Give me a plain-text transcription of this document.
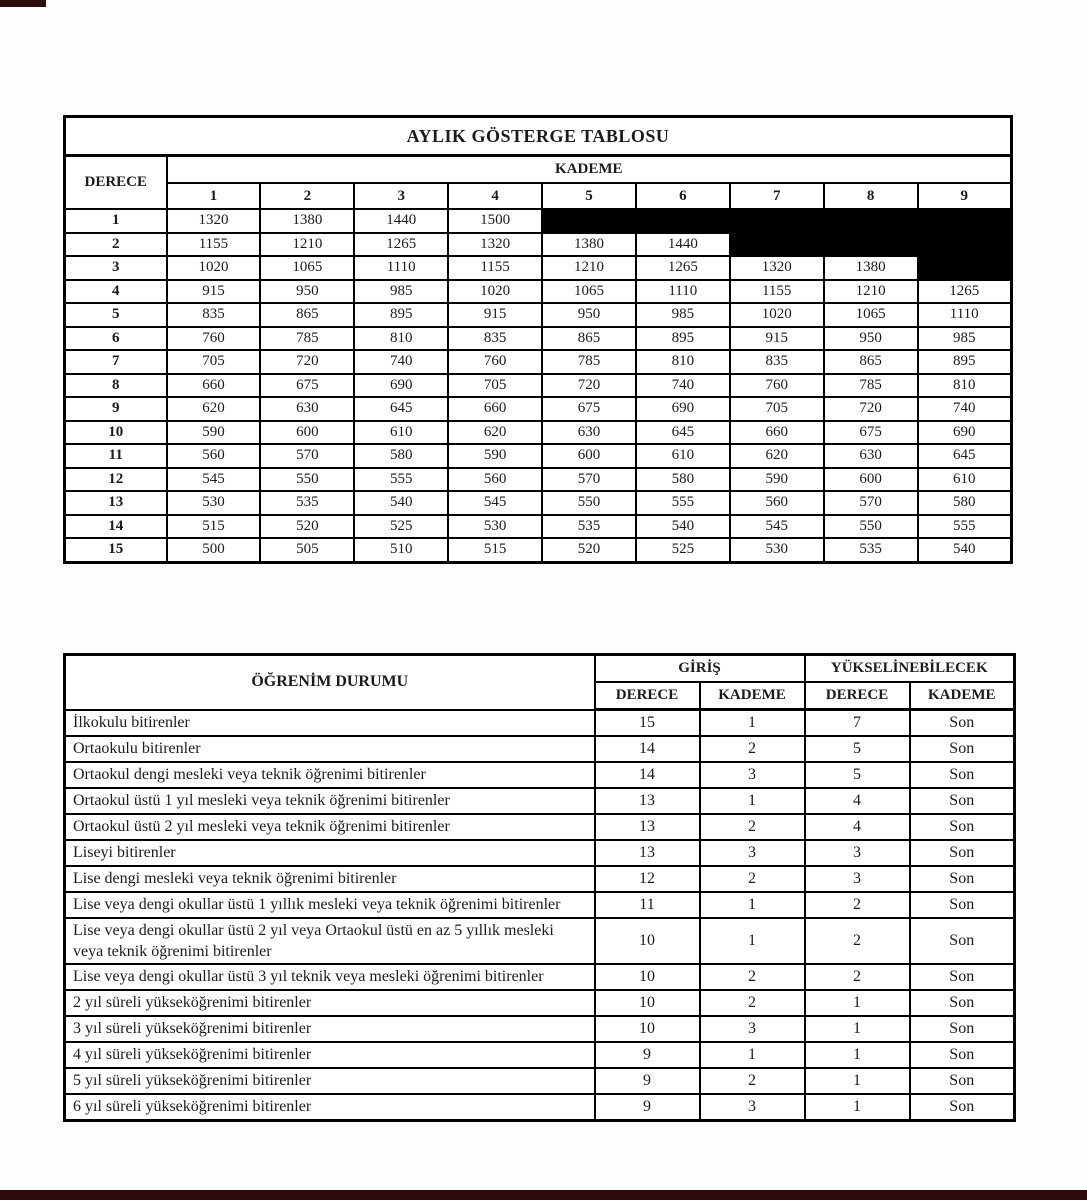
AYLIK GÖSTERGE TABLOSU									
DERECE	KADEME								
	1	2	3	4	5	6	7	8	9
1	1320	1380	1440	1500					
2	1155	1210	1265	1320	1380	1440			
3	1020	1065	1110	1155	1210	1265	1320	1380	
4	915	950	985	1020	1065	1110	1155	1210	1265
5	835	865	895	915	950	985	1020	1065	1110
6	760	785	810	835	865	895	915	950	985
7	705	720	740	760	785	810	835	865	895
8	660	675	690	705	720	740	760	785	810
9	620	630	645	660	675	690	705	720	740
10	590	600	610	620	630	645	660	675	690
11	560	570	580	590	600	610	620	630	645
12	545	550	555	560	570	580	590	600	610
13	530	535	540	545	550	555	560	570	580
14	515	520	525	530	535	540	545	550	555
15	500	505	510	515	520	525	530	535	540
ÖĞRENİM DURUMU	GİRİŞ		YÜKSELİNEBİLECEK	
	DERECE	KADEME	DERECE	KADEME
İlkokulu bitirenler	15	1	7	Son
Ortaokulu bitirenler	14	2	5	Son
Ortaokul dengi mesleki veya teknik öğrenimi bitirenler	14	3	5	Son
Ortaokul üstü 1 yıl mesleki veya teknik öğrenimi bitirenler	13	1	4	Son
Ortaokul üstü 2 yıl mesleki veya teknik öğrenimi bitirenler	13	2	4	Son
Liseyi bitirenler	13	3	3	Son
Lise dengi mesleki veya teknik öğrenimi bitirenler	12	2	3	Son
Lise veya dengi okullar üstü 1 yıllık mesleki veya teknik öğrenimi bitirenler	11	1	2	Son
Lise veya dengi okullar üstü 2 yıl veya Ortaokul üstü en az 5 yıllık mesleki veya teknik öğrenimi bitirenler	10	1	2	Son
Lise veya dengi okullar üstü 3 yıl teknik veya mesleki öğrenimi bitirenler	10	2	2	Son
2 yıl süreli yükseköğrenimi bitirenler	10	2	1	Son
3 yıl süreli yükseköğrenimi bitirenler	10	3	1	Son
4 yıl süreli yükseköğrenimi bitirenler	9	1	1	Son
5 yıl süreli yükseköğrenimi bitirenler	9	2	1	Son
6 yıl süreli yükseköğrenimi bitirenler	9	3	1	Son
